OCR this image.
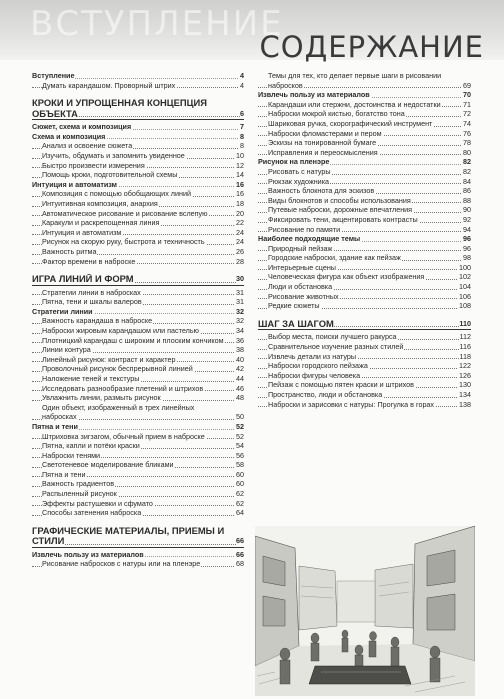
ВСТУПЛЕНИЕ
СОДЕРЖАНИЕ
Вступление	4
Думать карандашом. Проворный штрих	4
КРОКИ И УПРОЩЕННАЯ КОНЦЕПЦИЯ ОБЪЕКТА	6
Сюжет, схема и композиция	7
Схема и композиция	8
Анализ и освоение сюжета	8
Изучить, обдумать и запомнить увиденное	10
Быстро произвести измерения	12
Помощь кроки, подготовительной схемы	14
Интуиция и автоматизм	16
Композиция с помощью обобщающих линий	16
Интуитивная композиция, анархия	18
Автоматическое рисование и рисование вслепую	20
Каракули и раскрепощенная линия	22
Интуиция и автоматизм	24
Рисунок на скорую руку, быстрота и техничность	24
Важность ритма	26
Фактор времени в наброске	28
ИГРА ЛИНИЙ И ФОРМ	30
Стратегии линии в набросках	31
Пятна, тени и шкалы валеров	31
Стратегии линии	32
Важность карандаша в наброске	32
Наброски жировым карандашом или пастелью	34
Плотницкий карандаш с широким и плоским кончиком 36
Линии контура	38
Линейный рисунок: контраст и характер	40
Проволочный рисунок беспрерывной линией	42
Наложение теней и текстуры	44
Исследовать разнообразие плетений и штрихов	46
Увлажнить линии, размыть рисунок	48
Один объект, изображенный в трех линейных набросках	50
Пятна и тени	52
Штриховка зигзагом, обычный прием в наброске	52
Пятна, капли и потёки краски	54
Наброски тенями	56
Светотеневое моделирование бликами	58
Пятна и тени	60
Важность градиентов	60
Распыленный рисунок	62
Эффекты растушевки и сфумато	62
Способы затенения наброска	64
ГРАФИЧЕСКИЕ МАТЕРИАЛЫ, ПРИЕМЫ И СТИЛИ	66
Извлечь пользу из материалов	66
Рисование набросков с натуры или на пленэре	68
Темы для тех, кто делает первые шаги в рисовании набросков	69
Извлечь пользу из материалов	70
Карандаши или стержни, достоинства и недостатки	71
Наброски мокрой кистью, богатство тона	72
Шариковая ручка, скорографический инструмент	74
Наброски фломастерами и пером	76
Эскизы на тонированной бумаге	78
Исправления и переосмысления	80
Рисунок на пленэре	82
Рисовать с натуры	82
Рюкзак художника	84
Важность блокнота для эскизов	86
Виды блокнотов и способы использования	88
Путевые наброски, дорожные впечатления	90
Фиксировать тени, акцентировать контрасты	92
Рисование по памяти	94
Наиболее подходящие темы	96
Природный пейзаж	96
Городские наброски, здание как пейзаж	98
Интерьерные сцены	100
Человеческая фигура как объект изображения	102
Люди и обстановка	104
Рисование животных	106
Редкие сюжеты	108
ШАГ ЗА ШАГОМ	110
Выбор места, поиски лучшего ракурса	112
Сравнительное изучение разных стилей	116
Извлечь детали из натуры	118
Наброски городского пейзажа	122
Наброски фигуры человека	126
Пейзаж с помощью пятен краски и штрихов	130
Пространство, люди и обстановка	134
Наброски и зарисовки с натуры: Прогулка в горах	138
